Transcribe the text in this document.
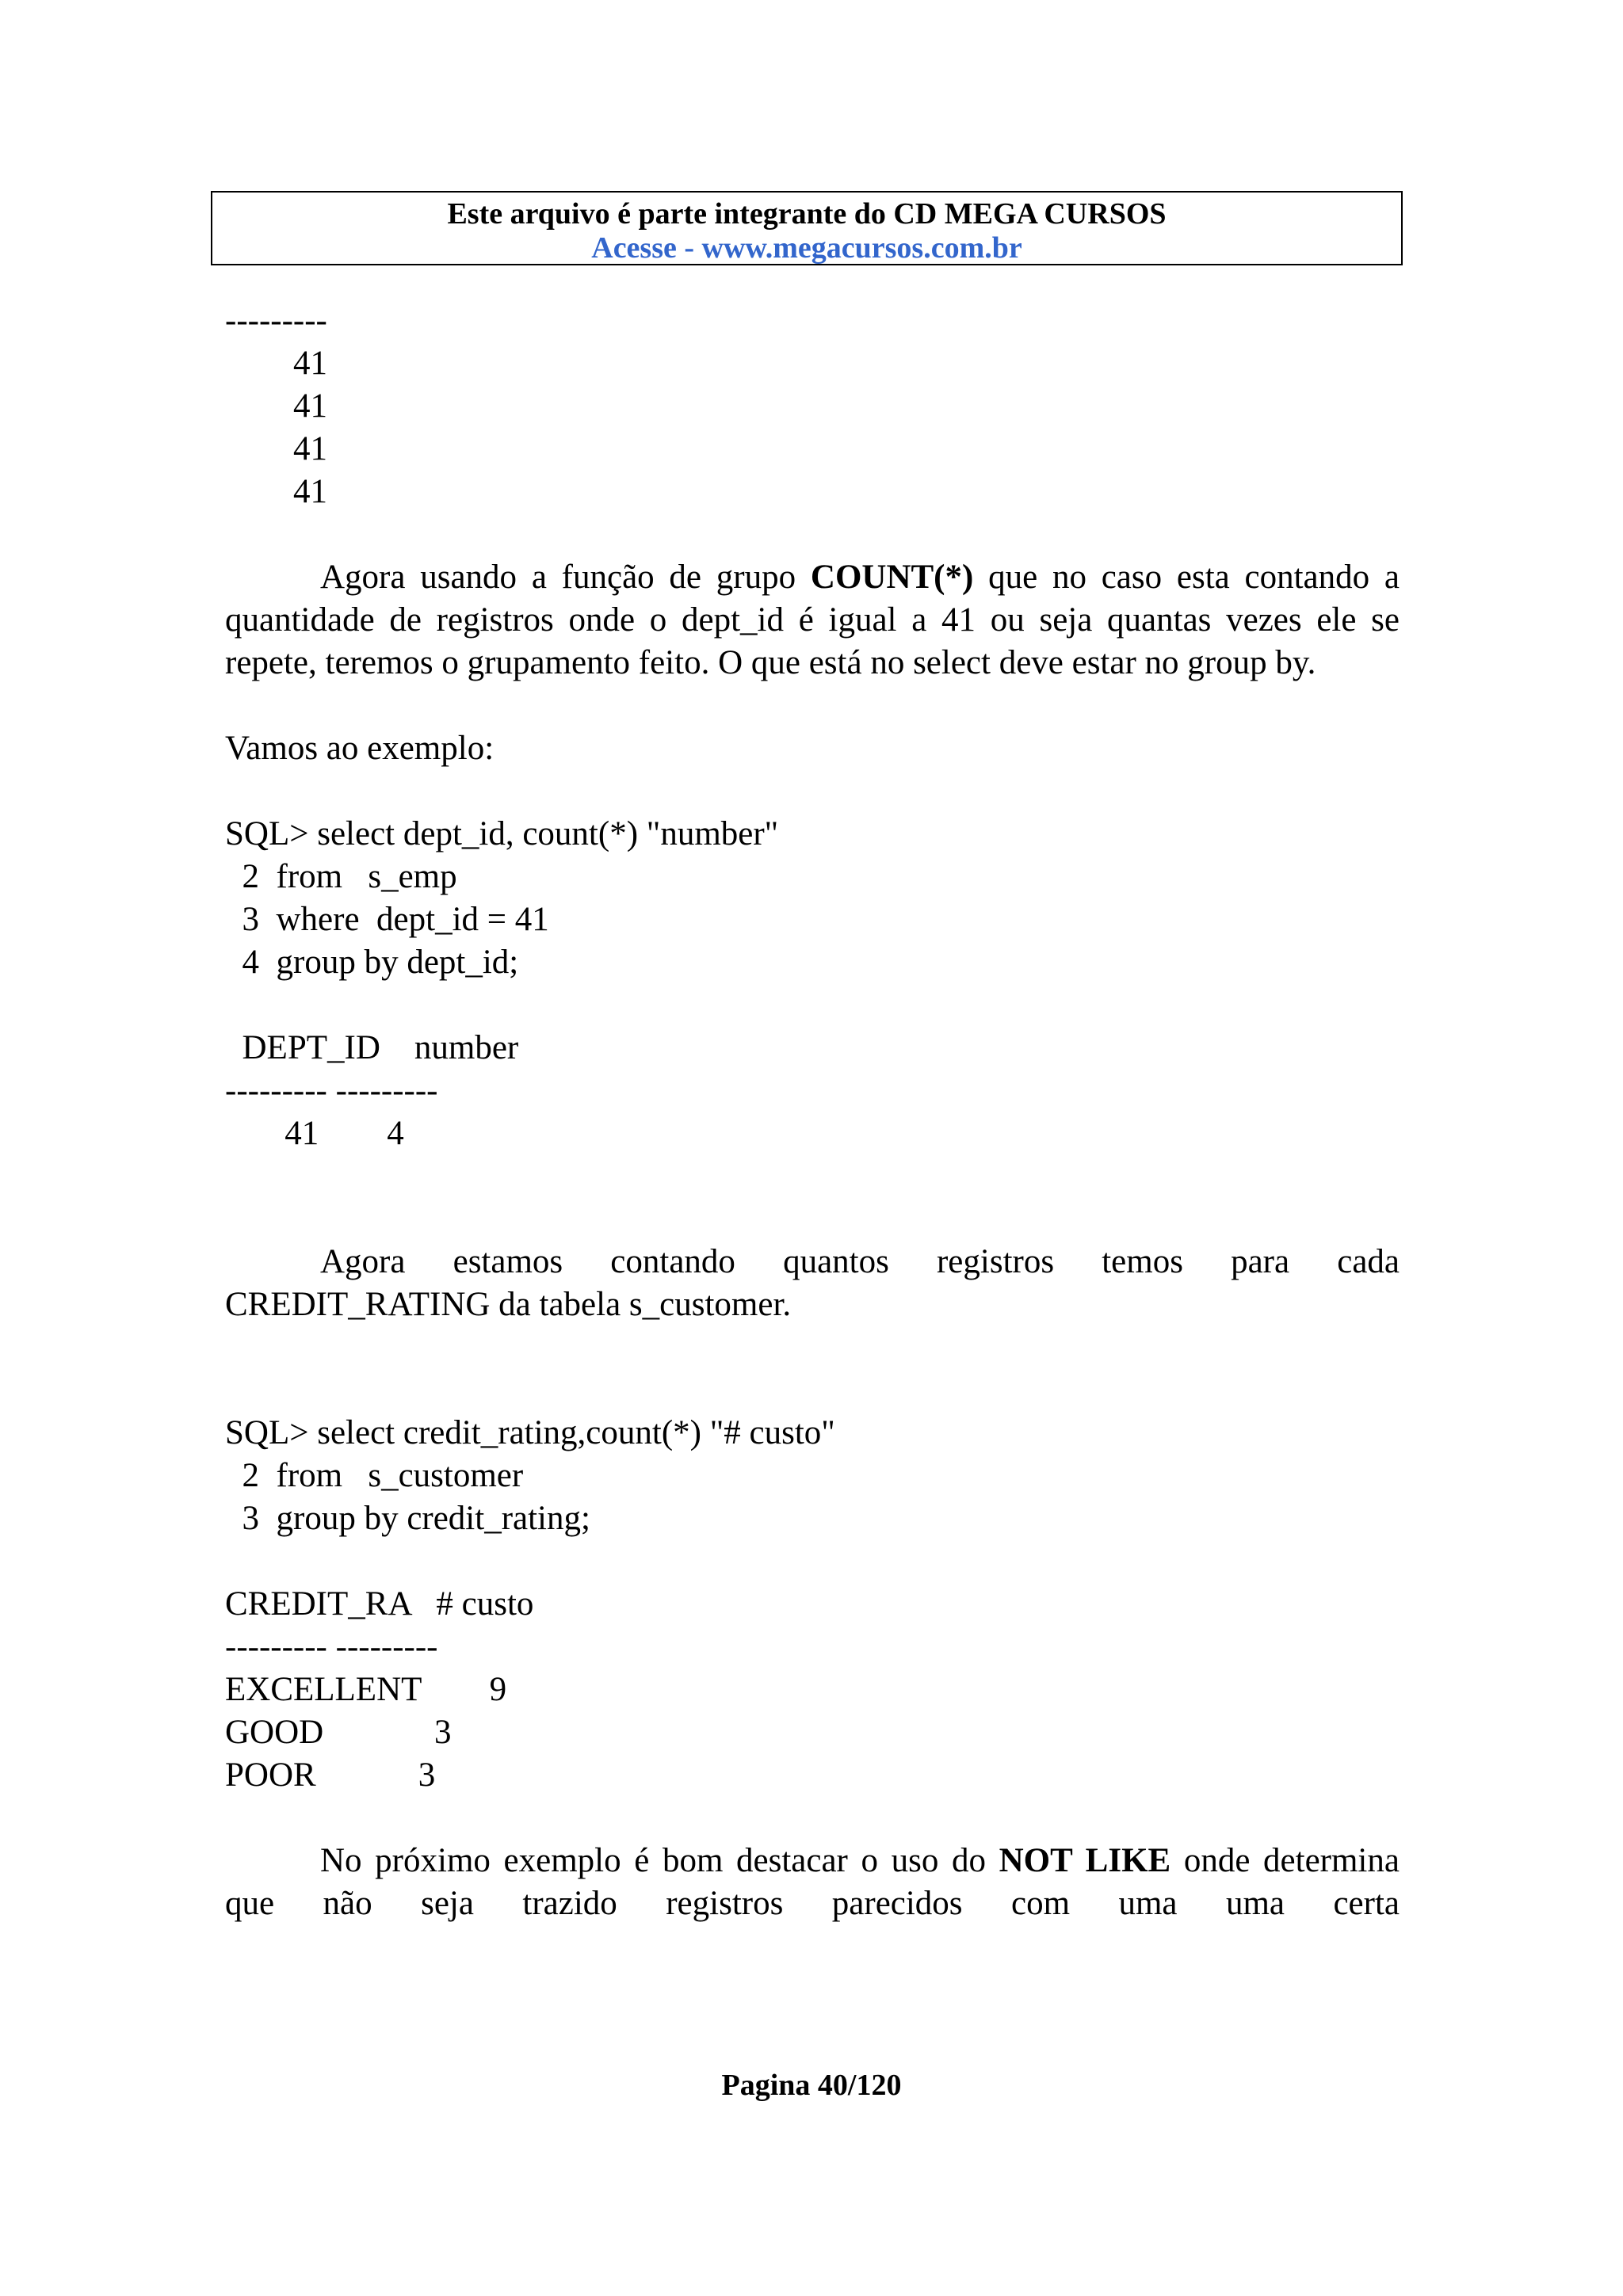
Este arquivo é parte integrante do CD MEGA CURSOS
Acesse - www.megacursos.com.br
---------
41
41
41
41
Agora usando a função de grupo COUNT(*) que no caso esta contando a quantidade de registros onde o dept_id é igual a 41 ou seja quantas vezes ele se repete, teremos o grupamento feito. O que está no select deve estar no group by.
Vamos ao exemplo:
SQL> select dept_id, count(*) "number"
2  from   s_emp
3  where  dept_id = 41
4  group by dept_id;
DEPT_ID    number
--------- ---------
41        4
Agora estamos contando quantos registros temos para cada
CREDIT_RATING da tabela s_customer.
SQL> select credit_rating,count(*) "# custo"
2  from   s_customer
3  group by credit_rating;
CREDIT_RA   # custo
--------- ---------
EXCELLENT        9
GOOD             3
POOR            3
No próximo exemplo é bom destacar o uso do NOT LIKE onde determina que não seja trazido registros parecidos com uma uma certa
Pagina 40/120
